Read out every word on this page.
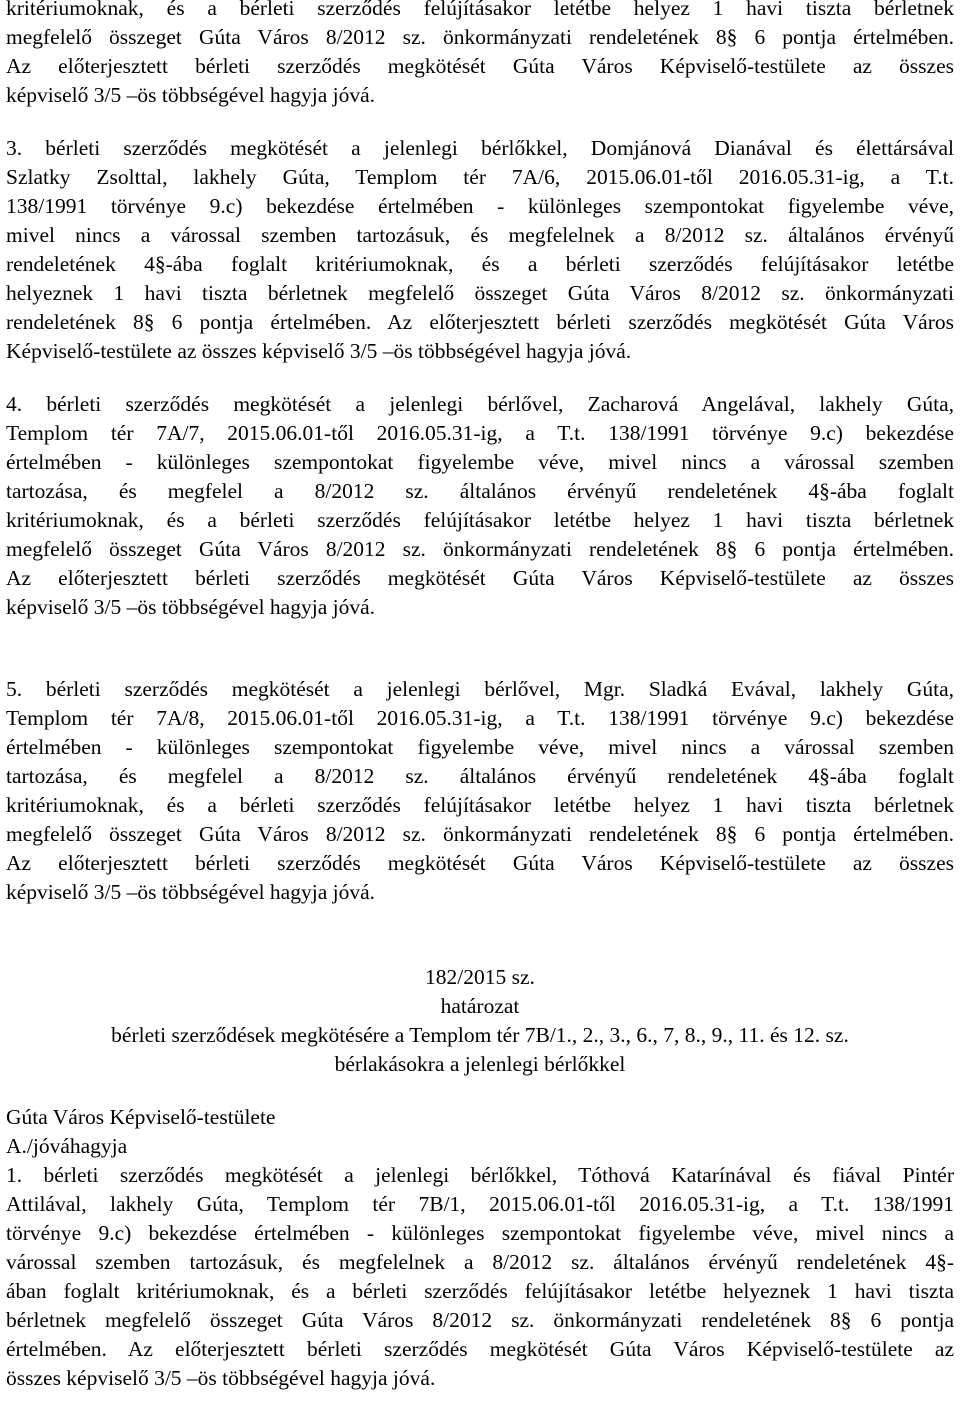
kritériumoknak, és a bérleti szerződés felújításakor letétbe helyez 1 havi tiszta bérletnek
megfelelő összeget Gúta Város 8/2012 sz. önkormányzati rendeletének 8§ 6 pontja értelmében.
Az előterjesztett bérleti szerződés megkötését Gúta Város Képviselő-testülete az összes
képviselő 3/5 –ös többségével hagyja jóvá.
3. bérleti szerződés megkötését a jelenlegi bérlőkkel, Domjánová Dianával és élettársával
Szlatky Zsolttal, lakhely Gúta, Templom tér 7A/6, 2015.06.01-től 2016.05.31-ig, a T.t.
138/1991 törvénye 9.c) bekezdése értelmében - különleges szempontokat figyelembe véve,
mivel nincs a várossal szemben tartozásuk, és megfelelnek a 8/2012 sz. általános érvényű
rendeletének 4§-ába foglalt kritériumoknak, és a bérleti szerződés felújításakor letétbe
helyeznek 1 havi tiszta bérletnek megfelelő összeget Gúta Város 8/2012 sz. önkormányzati
rendeletének 8§ 6 pontja értelmében. Az előterjesztett bérleti szerződés megkötését Gúta Város
Képviselő-testülete az összes képviselő 3/5 –ös többségével hagyja jóvá.
4. bérleti szerződés megkötését a jelenlegi bérlővel, Zacharová Angelával, lakhely Gúta,
Templom tér 7A/7, 2015.06.01-től 2016.05.31-ig, a T.t. 138/1991 törvénye 9.c) bekezdése
értelmében - különleges szempontokat figyelembe véve, mivel nincs a várossal szemben
tartozása, és megfelel a 8/2012 sz. általános érvényű rendeletének 4§-ába foglalt
kritériumoknak, és a bérleti szerződés felújításakor letétbe helyez 1 havi tiszta bérletnek
megfelelő összeget Gúta Város 8/2012 sz. önkormányzati rendeletének 8§ 6 pontja értelmében.
Az előterjesztett bérleti szerződés megkötését Gúta Város Képviselő-testülete az összes
képviselő 3/5 –ös többségével hagyja jóvá.
5. bérleti szerződés megkötését a jelenlegi bérlővel, Mgr. Sladká Evával, lakhely Gúta,
Templom tér 7A/8, 2015.06.01-től 2016.05.31-ig, a T.t. 138/1991 törvénye 9.c) bekezdése
értelmében - különleges szempontokat figyelembe véve, mivel nincs a várossal szemben
tartozása, és megfelel a 8/2012 sz. általános érvényű rendeletének 4§-ába foglalt
kritériumoknak, és a bérleti szerződés felújításakor letétbe helyez 1 havi tiszta bérletnek
megfelelő összeget Gúta Város 8/2012 sz. önkormányzati rendeletének 8§ 6 pontja értelmében.
Az előterjesztett bérleti szerződés megkötését Gúta Város Képviselő-testülete az összes
képviselő 3/5 –ös többségével hagyja jóvá.
182/2015 sz.
határozat
bérleti szerződések megkötésére a Templom tér 7B/1., 2., 3., 6., 7, 8., 9., 11. és 12. sz.
bérlakásokra a jelenlegi bérlőkkel
Gúta Város Képviselő-testülete
A./jóváhagyja
1. bérleti szerződés megkötését a jelenlegi bérlőkkel, Tóthová Katarínával és fiával Pintér
Attilával, lakhely Gúta, Templom tér 7B/1, 2015.06.01-től 2016.05.31-ig, a T.t. 138/1991
törvénye 9.c) bekezdése értelmében - különleges szempontokat figyelembe véve, mivel nincs a
várossal szemben tartozásuk, és megfelelnek a 8/2012 sz. általános érvényű rendeletének 4§-
ában foglalt kritériumoknak, és a bérleti szerződés felújításakor letétbe helyeznek 1 havi tiszta
bérletnek megfelelő összeget Gúta Város 8/2012 sz. önkormányzati rendeletének 8§ 6 pontja
értelmében. Az előterjesztett bérleti szerződés megkötését Gúta Város Képviselő-testülete az
összes képviselő 3/5 –ös többségével hagyja jóvá.
